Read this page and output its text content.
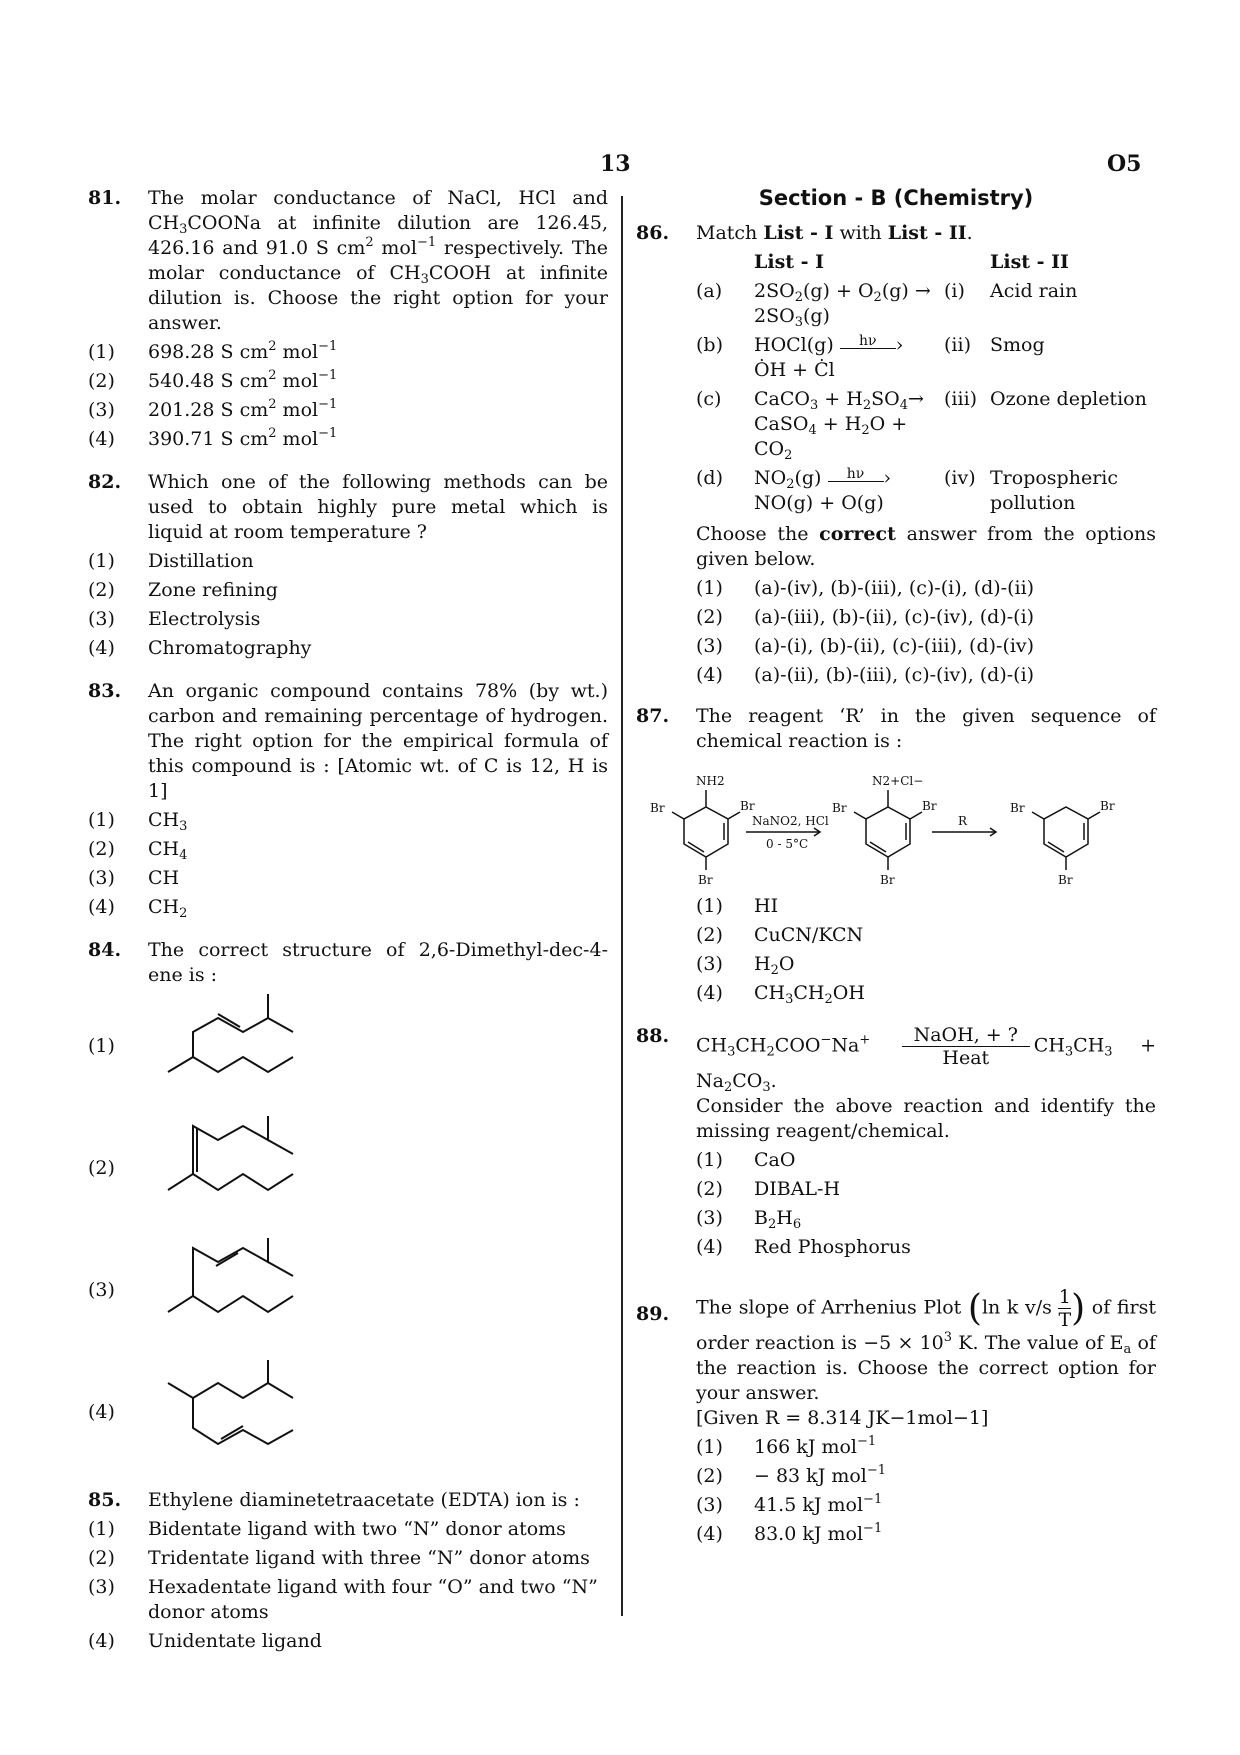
13	O5
81. The molar conductance of NaCl, HCl and $CH_3COONa$ at infinite dilution are 126.45, 426.16 and 91.0 S $cm^2$ mol$^{-1}$ respectively. The molar conductance of $CH_3COOH$ at infinite dilution is. Choose the right option for your answer.
(1) 698.28 S $cm^2$ mol$^{-1}$
(2) 540.48 S $cm^2$ mol$^{-1}$
(3) 201.28 S $cm^2$ mol$^{-1}$
(4) 390.71 S $cm^2$ mol$^{-1}$
82. Which one of the following methods can be used to obtain highly pure metal which is liquid at room temperature ?
(1) Distillation
(2) Zone refining
(3) Electrolysis
(4) Chromatography
83. An organic compound contains 78% (by wt.) carbon and remaining percentage of hydrogen. The right option for the empirical formula of this compound is : [Atomic wt. of C is 12, H is 1]
(1) $CH_3$
(2) $CH_4$
(3) CH
(4) $CH_2$
84. The correct structure of 2,6-Dimethyl-dec-4-ene is :
(1)
(2)
(3)
(4)
85. Ethylene diaminetetraacetate (EDTA) ion is :
(1) Bidentate ligand with two “N” donor atoms
(2) Tridentate ligand with three “N” donor atoms
(3) Hexadentate ligand with four “O” and two “N” donor atoms
(4) Unidentate ligand
Section - B (Chemistry)
86. Match List - I with List - II.
	List - I		List - II
(a)	$2SO_2(g) + O_2(g)$ →
$2SO_3(g)$	(i)	Acid rain
(b)	HOCl(g) hν ›
ȮH + Ċl	(ii)	Smog
(c)	CaCO$_3$ + $H_2SO_4\to$
CaSO$_4$ + $H_2O + CO_2$	(iii)	Ozone depletion
(d)	$NO_2(g)$ hν ›
NO(g) + O(g)	(iv)	Tropospheric pollution
Choose the correct answer from the options given below.
(1) (a)-(iv), (b)-(iii), (c)-(i), (d)-(ii)
(2) (a)-(iii), (b)-(ii), (c)-(iv), (d)-(i)
(3) (a)-(i), (b)-(ii), (c)-(iii), (d)-(iv)
(4) (a)-(ii), (b)-(iii), (c)-(iv), (d)-(i)
87. The reagent ‘R’ in the given sequence of chemical reaction is :
NH2
Br	Br
Br
NaNO2, HCl
0 - 5°C
N2+Cl−
Br	Br
Br
R
Br	Br
Br
(1) HI
(2) CuCN/KCN
(3) $H_2O$
(4) $CH_3CH_2OH$
88. $CH_3CH_2COO^-Na^+ \frac{\text{NaOH, + ?}}{\text{Heat}} CH_3CH_3 + Na_2CO_3$.
Consider the above reaction and identify the missing reagent/chemical.
(1) CaO
(2) DIBAL-H
(3) $B_2H_6$
(4) Red Phosphorus
89. The slope of Arrhenius Plot (ln k $v/s \frac{1}{T}$ ) of first order reaction is $-5 \times 10^3$ K. The value of $E_a$ of the reaction is. Choose the correct option for your answer.
[Given R = 8.314 JK−1mol−1]
(1) 166 kJ mol$^{-1}$
(2) − 83 kJ mol$^{-1}$
(3) 41.5 kJ mol$^{-1}$
(4) 83.0 kJ mol$^{-1}$
